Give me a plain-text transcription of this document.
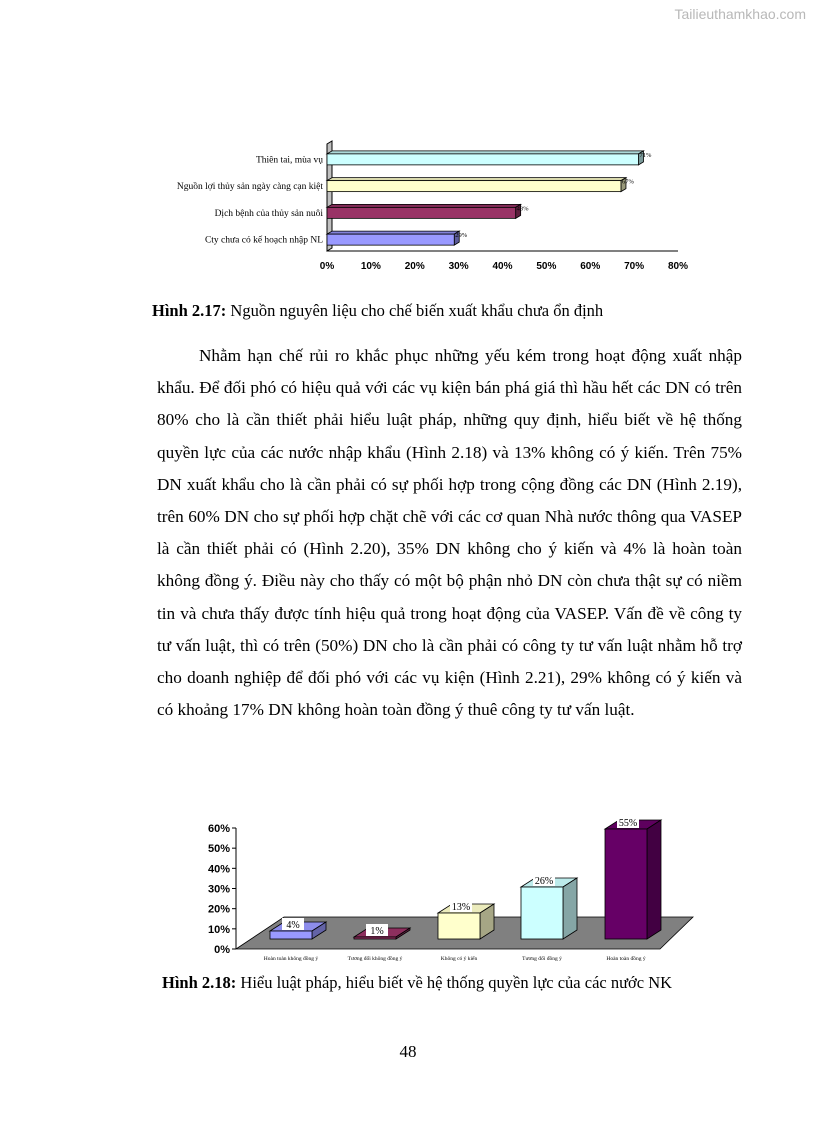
Tailieuthamkhao.com
71%
67%
43%
29%
Thiên tai, mùa vụ
Nguồn lợi thủy sản ngày càng cạn kiệt
Dịch bệnh của thủy sản nuôi
Cty chưa có kế hoạch nhập NL
0%	10% 20% 30% 40% 50% 60% 70% 80%
Hình 2.17: Nguồn nguyên liệu cho chế biến xuất khẩu chưa ổn định

Nhằm hạn chế rủi ro khắc phục những yếu kém trong hoạt động xuất nhập khẩu. Để đối phó có hiệu quả với các vụ kiện bán phá giá thì hầu hết các DN có trên 80% cho là cần thiết phải hiểu luật pháp, những quy định, hiểu biết về hệ thống quyền lực của các nước nhập khẩu (Hình 2.18) và 13% không có ý kiến. Trên 75% DN xuất khẩu cho là cần phải có sự phối hợp trong cộng đồng các DN (Hình 2.19), trên 60% DN cho sự phối hợp chặt chẽ với các cơ quan Nhà nước thông qua VASEP là cần thiết phải có (Hình 2.20), 35% DN không cho ý kiến và 4% là hoàn toàn không đồng ý. Điều này cho thấy có một bộ phận nhỏ DN còn chưa thật sự có niềm tin và chưa thấy được tính hiệu quả trong hoạt động của VASEP. Vấn đề về công ty tư vấn luật, thì có trên (50%) DN cho là cần phải có công ty tư vấn luật nhằm hỗ trợ cho doanh nghiệp để đối phó với các vụ kiện (Hình 2.21), 29% không có ý kiến và có khoảng 17% DN không hoàn toàn đồng ý thuê công ty tư vấn luật.

0%
10%
20%
30%
40%
50%
60%
4%
1%
13%
26%
55%
Hoàn toàn không đồng ý	Tương đối không đồng ý	Không có ý kiến	Tương đối đồng ý	Hoàn toàn đồng ý
Hình 2.18: Hiểu luật pháp, hiểu biết về hệ thống quyền lực của các nước NK
48
